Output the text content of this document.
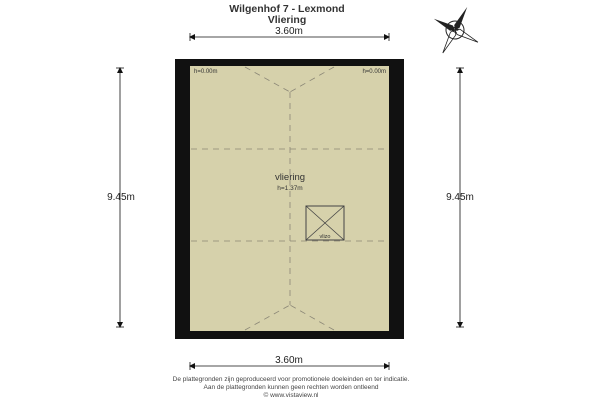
Wilgenhof 7 - Lexmond
Vliering
3.60m
3.60m
9.45m	9.45m
h=0.00m	h=0.00m
vliering
h=1.37m
vlizo
N
De plattegronden zijn geproduceerd voor promotionele doeleinden en ter indicatie.
Aan de plattegronden kunnen geen rechten worden ontleend
© www.vistaview.nl
